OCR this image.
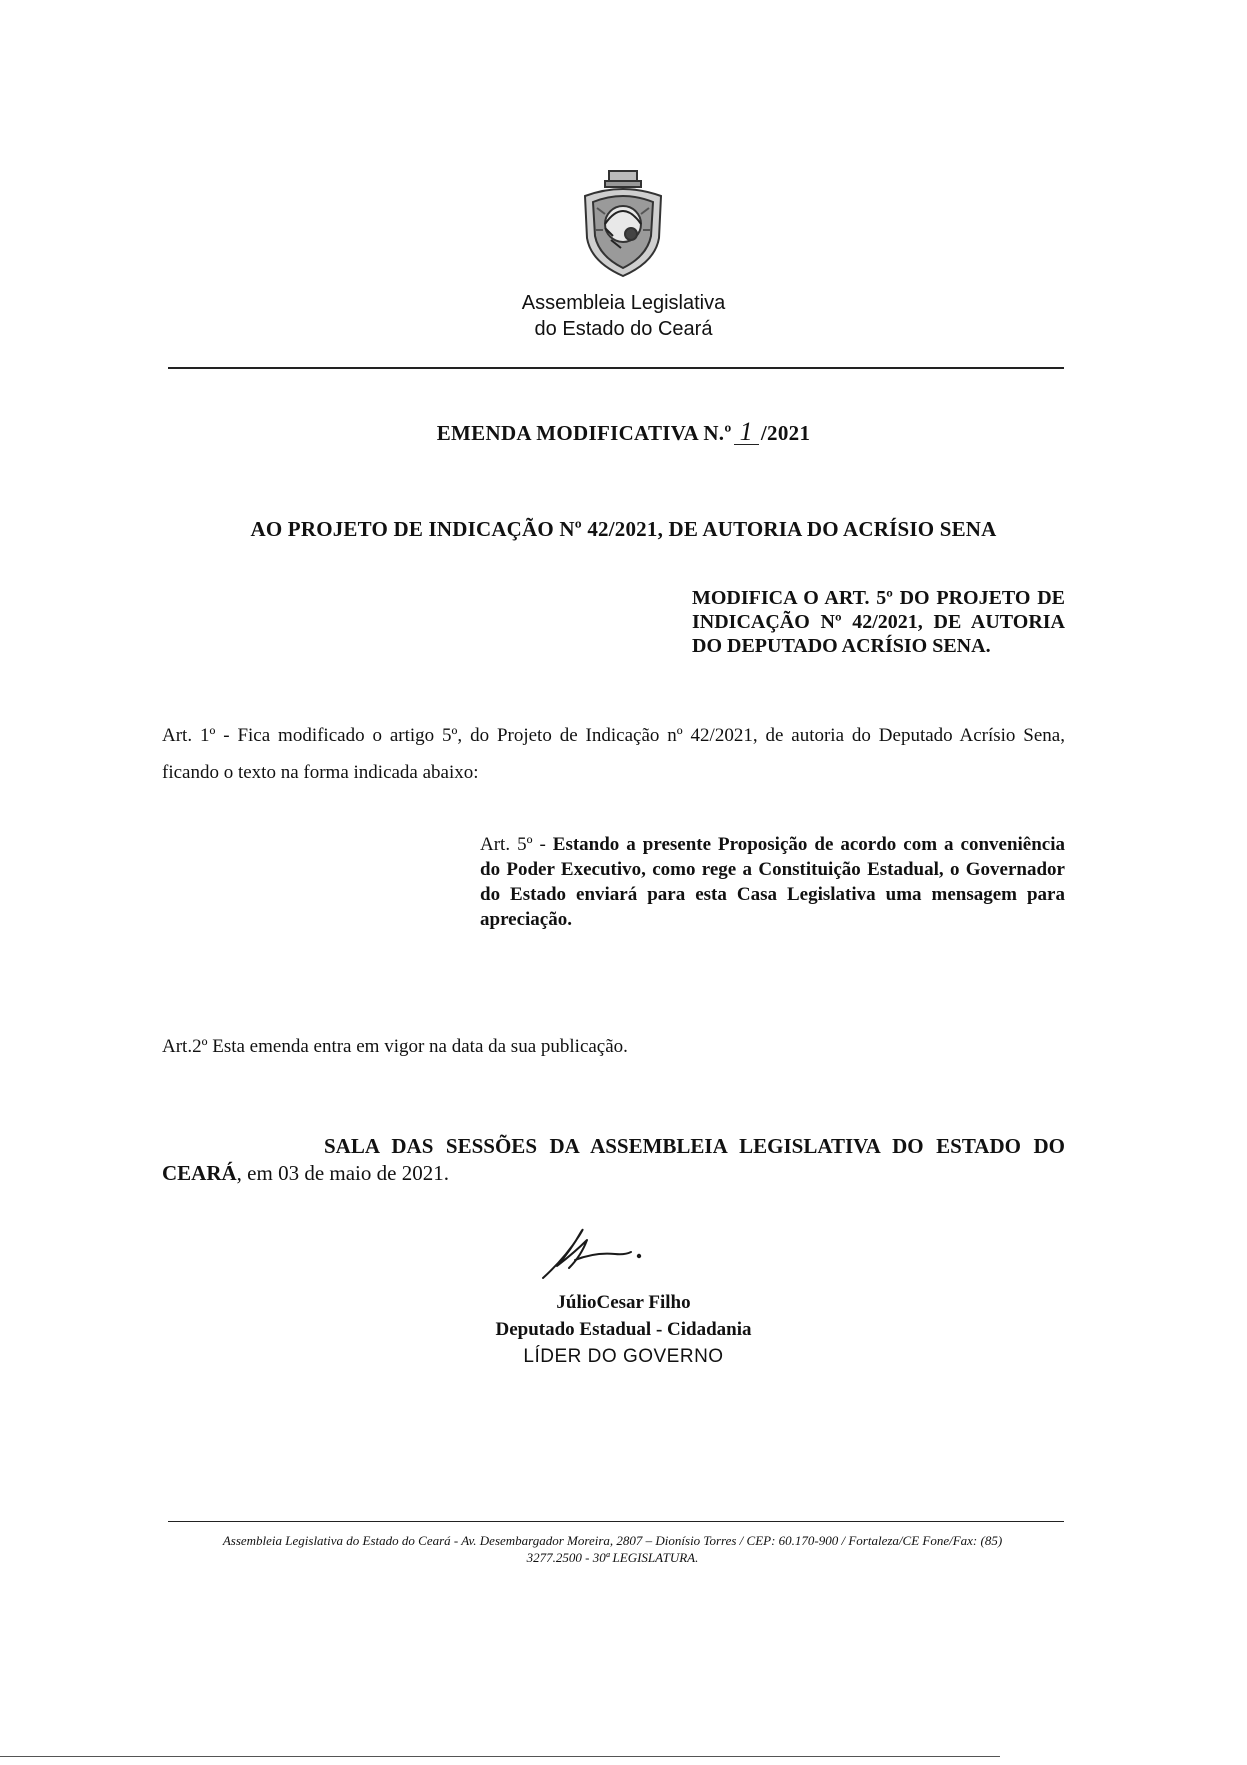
Assembleia Legislativa
do Estado do Ceará
EMENDA MODIFICATIVA N.º 1 /2021
AO PROJETO DE INDICAÇÃO Nº 42/2021, DE AUTORIA DO ACRÍSIO SENA
MODIFICA O ART. 5º DO PROJETO DE INDICAÇÃO Nº 42/2021, DE AUTORIA DO DEPUTADO ACRÍSIO SENA.
Art. 1º - Fica modificado o artigo 5º, do Projeto de Indicação nº 42/2021, de autoria do Deputado Acrísio Sena, ficando o texto na forma indicada abaixo:
Art. 5º - Estando a presente Proposição de acordo com a conveniência do Poder Executivo, como rege a Constituição Estadual, o Governador do Estado enviará para esta Casa Legislativa uma mensagem para apreciação.
Art.2º Esta emenda entra em vigor na data da sua publicação.
SALA DAS SESSÕES DA ASSEMBLEIA LEGISLATIVA DO ESTADO DO CEARÁ, em 03 de maio de 2021.
JúlioCesar Filho
Deputado Estadual - Cidadania
LÍDER DO GOVERNO
Assembleia Legislativa do Estado do Ceará - Av. Desembargador Moreira, 2807 – Dionísio Torres / CEP: 60.170-900 / Fortaleza/CE Fone/Fax: (85)
3277.2500 - 30ª LEGISLATURA.
